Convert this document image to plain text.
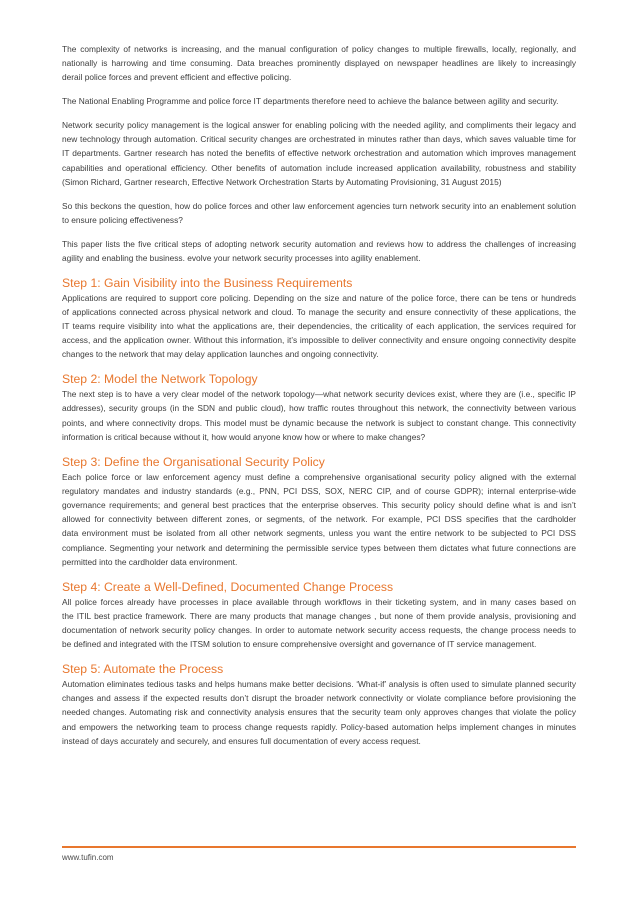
The complexity of networks is increasing, and the manual configuration of policy changes to multiple firewalls, locally, regionally, and
nationally is harrowing and time consuming. Data breaches prominently displayed on newspaper headlines are likely to increasingly
derail police forces and prevent efficient and effective policing.

The National Enabling Programme and police force IT departments therefore need to achieve the balance between agility and security.

Network security policy management is the logical answer for enabling policing with the needed agility, and compliments their legacy and
new technology through automation. Critical security changes are orchestrated in minutes rather than days, which saves valuable time for
IT departments. Gartner research has noted the benefits of effective network orchestration and automation which improves management
capabilities and operational efficiency. Other benefits of automation include increased application availability, robustness and stability
(Simon Richard, Gartner research, Effective Network Orchestration Starts by Automating Provisioning, 31 August 2015)

So this beckons the question, how do police forces and other law enforcement agencies turn network security into an enablement solution
to ensure policing effectiveness?

This paper lists the five critical steps of adopting network security automation and reviews how to address the challenges of increasing
agility and enabling the business. evolve your network security processes into agility enablement.

Step 1: Gain Visibility into the Business Requirements

Applications are required to support core policing. Depending on the size and nature of the police force, there can be tens or hundreds
of applications connected across physical network and cloud. To manage the security and ensure connectivity of these applications, the
IT teams require visibility into what the applications are, their dependencies, the criticality of each application, the services required for
access, and the application owner. Without this information, it’s impossible to deliver connectivity and ensure ongoing connectivity despite
changes to the network that may delay application launches and ongoing connectivity.

Step 2: Model the Network Topology

The next step is to have a very clear model of the network topology—what network security devices exist, where they are (i.e., specific IP
addresses), security groups (in the SDN and public cloud), how traffic routes throughout this network, the connectivity between various
points, and where connectivity drops. This model must be dynamic because the network is subject to constant change. This connectivity
information is critical because without it, how would anyone know how or where to make changes?

Step 3: Define the Organisational Security Policy

Each police force or law enforcement agency must define a comprehensive organisational security policy aligned with the external
regulatory mandates and industry standards (e.g., PNN, PCI DSS, SOX, NERC CIP, and of course GDPR); internal enterprise-wide
governance requirements; and general best practices that the enterprise observes. This security policy should define what is and isn’t
allowed for connectivity between different zones, or segments, of the network. For example, PCI DSS specifies that the cardholder
data environment must be isolated from all other network segments, unless you want the entire network to be subjected to PCI DSS
compliance. Segmenting your network and determining the permissible service types between them dictates what future connections are
permitted into the cardholder data environment.

Step 4: Create a Well-Defined, Documented Change Process

All police forces already have processes in place available through workflows in their ticketing system, and in many cases based on
the ITIL best practice framework. There are many products that manage changes , but none of them provide analysis, provisioning and
documentation of network security policy changes. In order to automate network security access requests, the change process needs to
be defined and integrated with the ITSM solution to ensure comprehensive oversight and governance of IT service management.

Step 5: Automate the Process

Automation eliminates tedious tasks and helps humans make better decisions. ‘What-if’ analysis is often used to simulate planned security
changes and assess if the expected results don’t disrupt the broader network connectivity or violate compliance before provisioning the
needed changes. Automating risk and connectivity analysis ensures that the security team only approves changes that violate the policy
and empowers the networking team to process change requests rapidly. Policy-based automation helps implement changes in minutes
instead of days accurately and securely, and ensures full documentation of every access request.

www.tufin.com
